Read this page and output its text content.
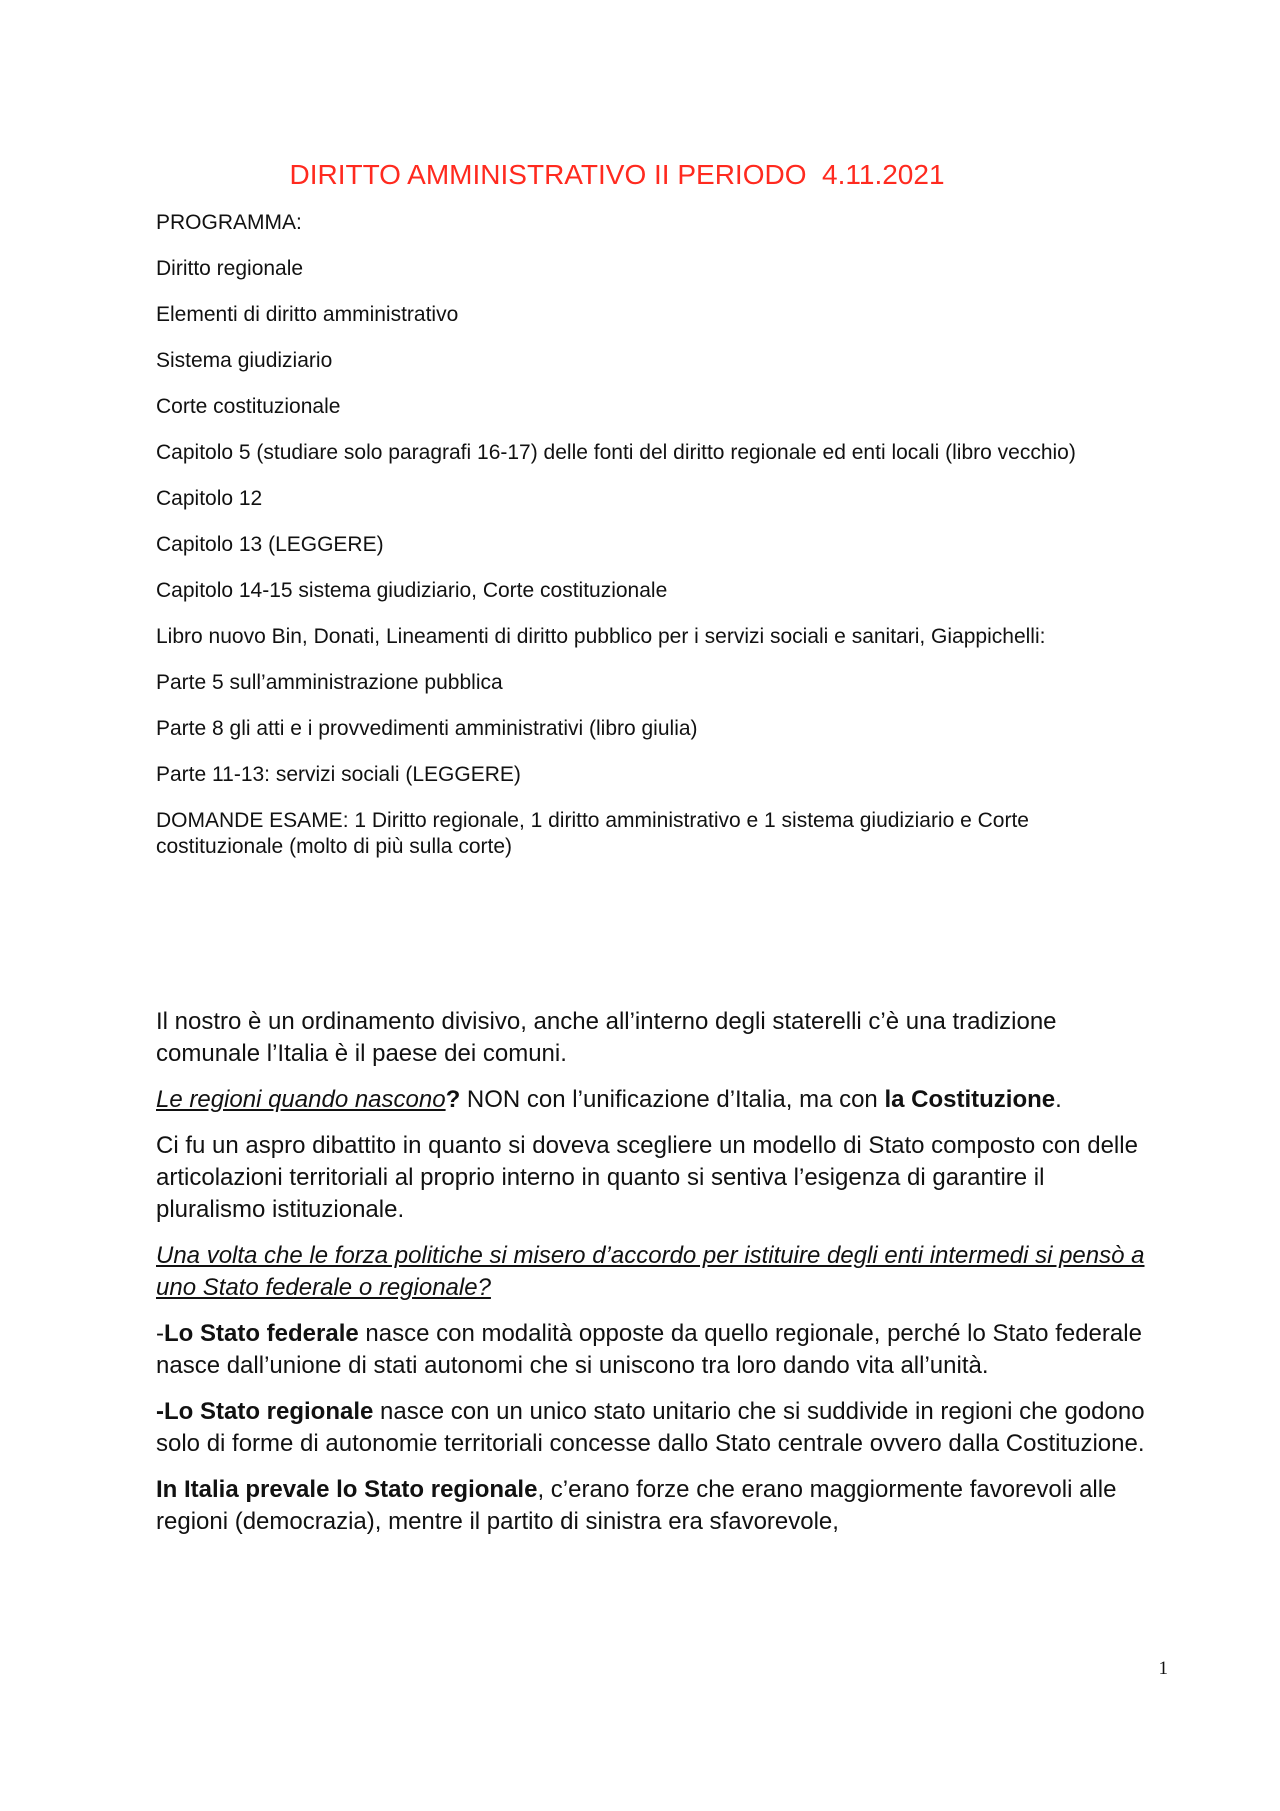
DIRITTO AMMINISTRATIVO II PERIODO  4.11.2021

PROGRAMMA:

Diritto regionale

Elementi di diritto amministrativo

Sistema giudiziario

Corte costituzionale

Capitolo 5 (studiare solo paragrafi 16-17) delle fonti del diritto regionale ed enti locali (libro vecchio)

Capitolo 12

Capitolo 13 (LEGGERE)

Capitolo 14-15 sistema giudiziario, Corte costituzionale

Libro nuovo Bin, Donati, Lineamenti di diritto pubblico per i servizi sociali e sanitari, Giappichelli:

Parte 5 sull’amministrazione pubblica

Parte 8 gli atti e i provvedimenti amministrativi (libro giulia)

Parte 11-13: servizi sociali (LEGGERE)

DOMANDE ESAME: 1 Diritto regionale, 1 diritto amministrativo e 1 sistema giudiziario e Corte costituzionale (molto di più sulla corte)

Il nostro è un ordinamento divisivo, anche all’interno degli staterelli c’è una tradizione comunale l’Italia è il paese dei comuni.

Le regioni quando nascono? NON con l’unificazione d’Italia, ma con la Costituzione.

Ci fu un aspro dibattito in quanto si doveva scegliere un modello di Stato composto con delle articolazioni territoriali al proprio interno in quanto si sentiva l’esigenza di garantire il pluralismo istituzionale.

Una volta che le forza politiche si misero d’accordo per istituire degli enti intermedi si pensò a uno Stato federale o regionale?

-Lo Stato federale nasce con modalità opposte da quello regionale, perché lo Stato federale nasce dall’unione di stati autonomi che si uniscono tra loro dando vita all’unità.

-Lo Stato regionale nasce con un unico stato unitario che si suddivide in regioni che godono solo di forme di autonomie territoriali concesse dallo Stato centrale ovvero dalla Costituzione.

In Italia prevale lo Stato regionale, c’erano forze che erano maggiormente favorevoli alle regioni (democrazia), mentre il partito di sinistra era sfavorevole,

1
